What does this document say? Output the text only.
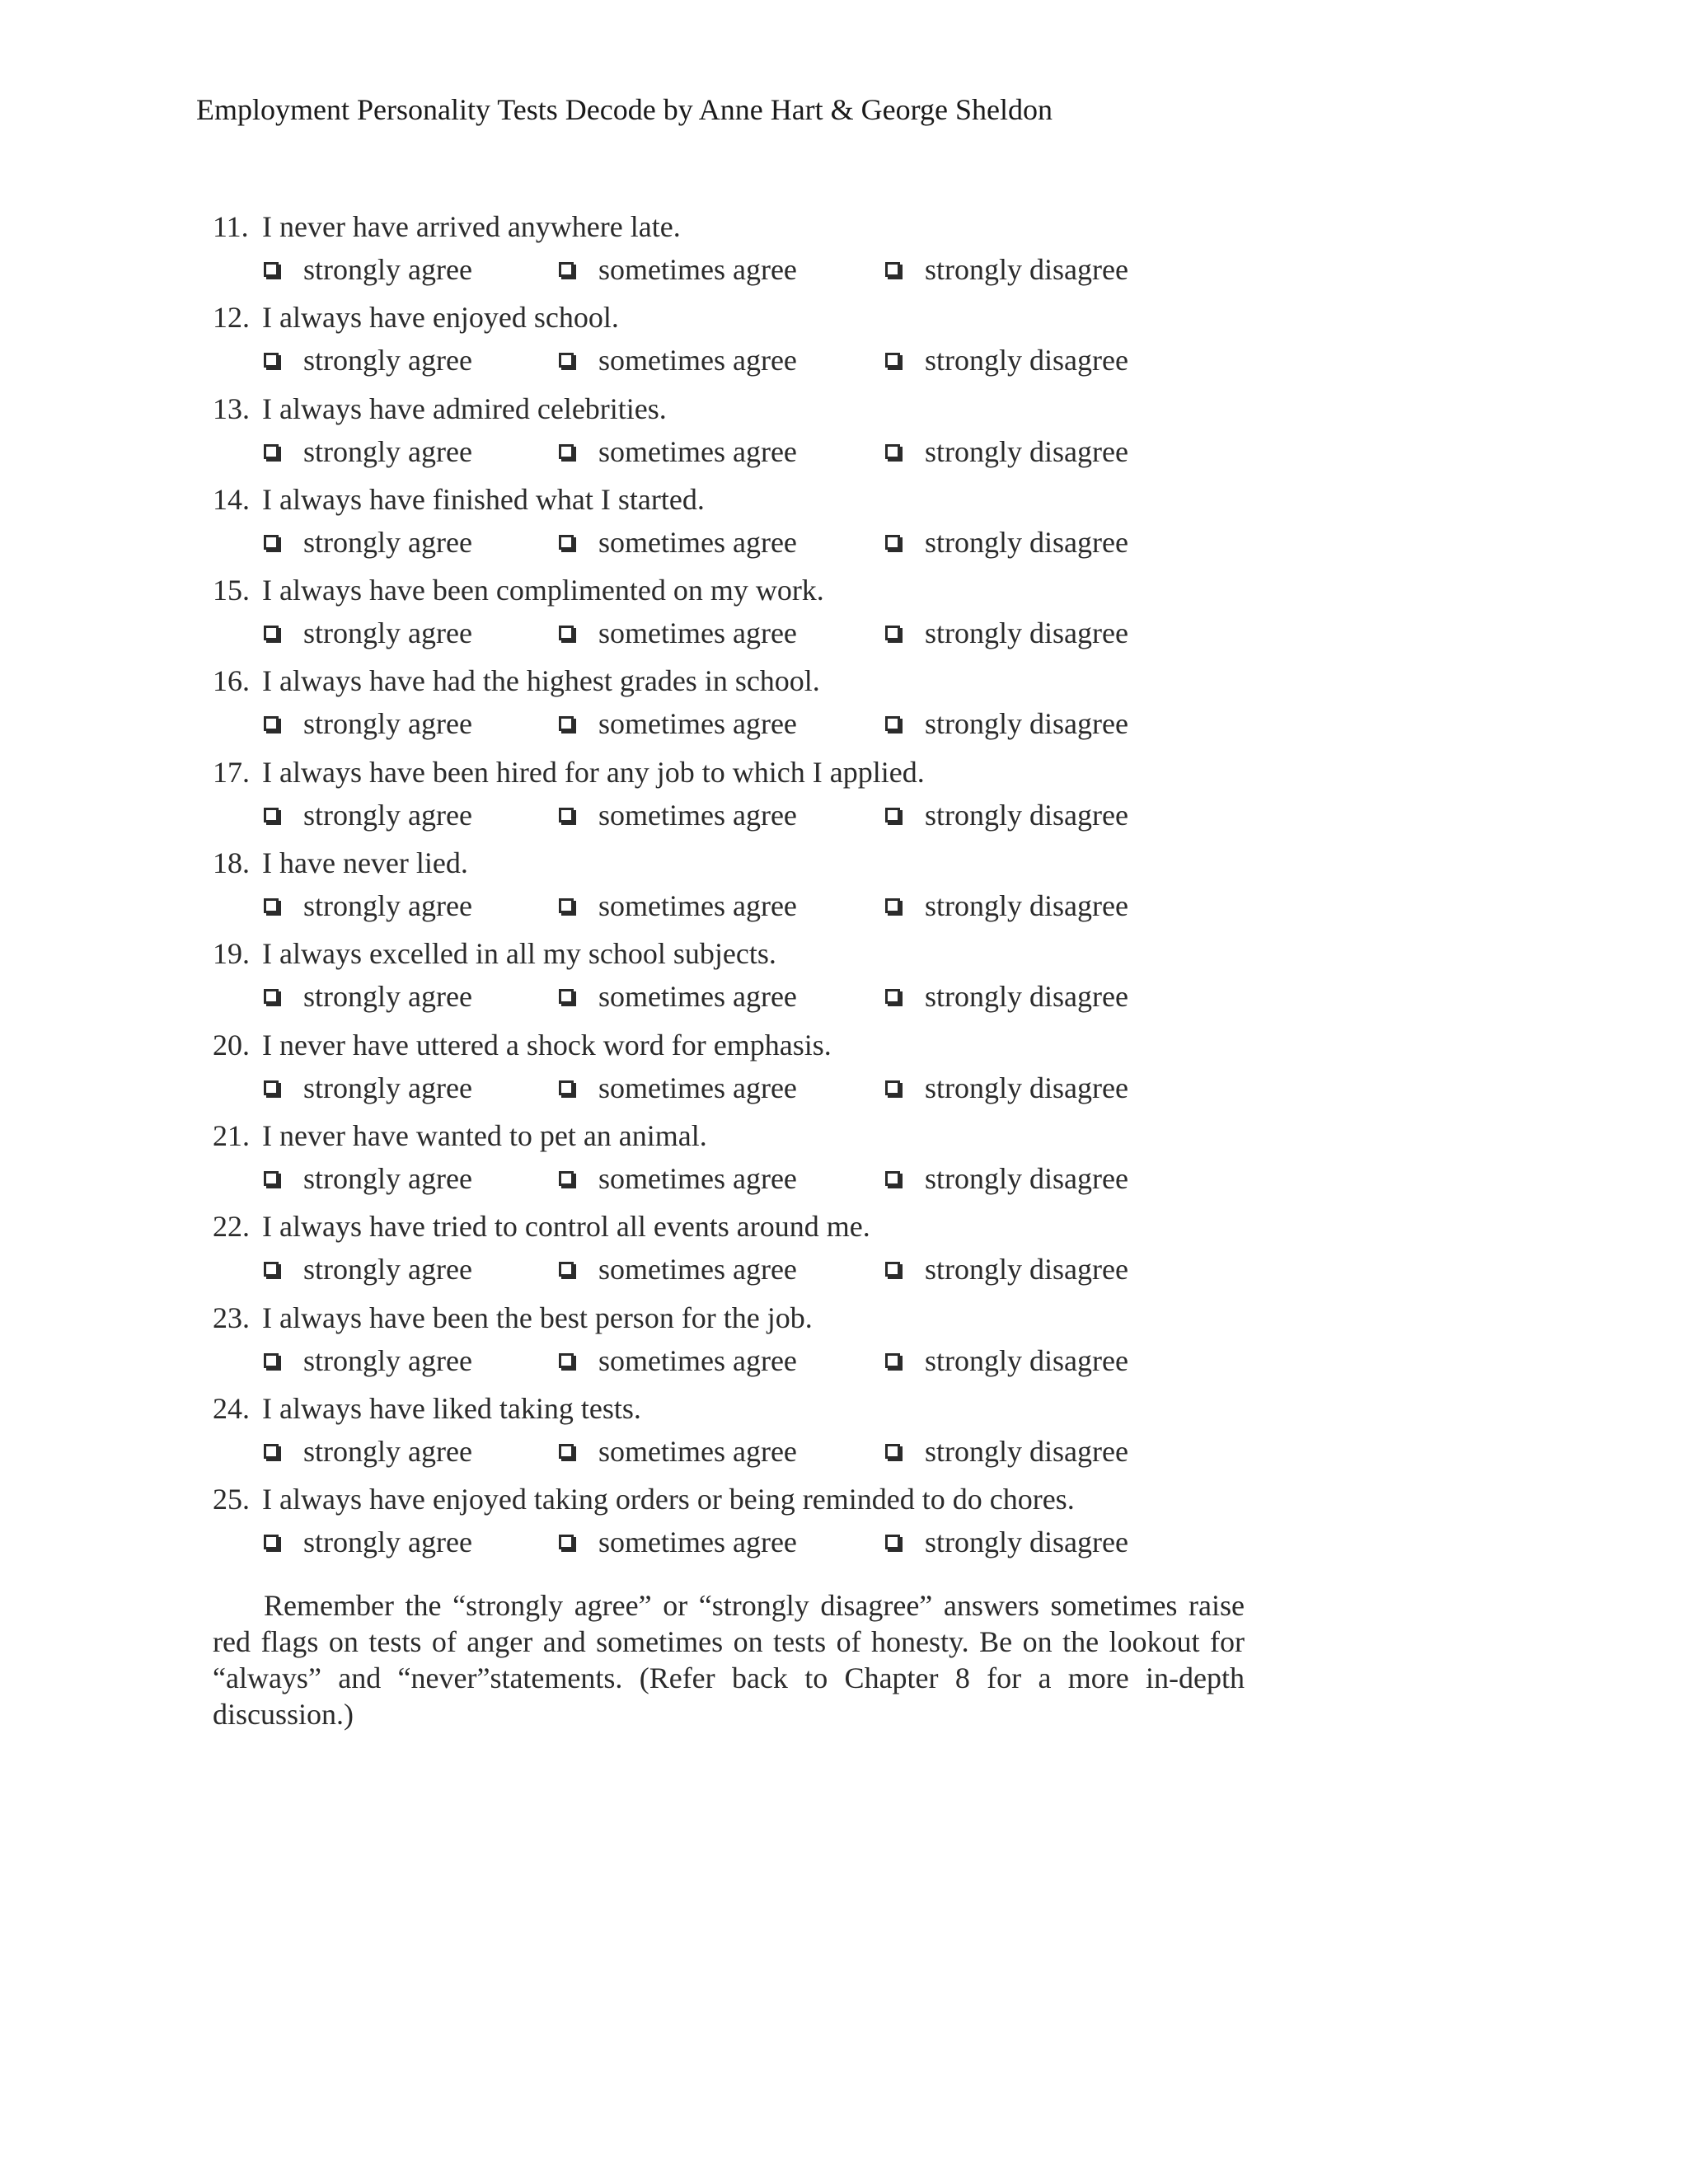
Employment Personality Tests Decode by Anne Hart & George Sheldon
11. I never have arrived anywhere late.
strongly agree	sometimes agree	strongly disagree
12. I always have enjoyed school.
strongly agree	sometimes agree	strongly disagree
13. I always have admired celebrities.
strongly agree	sometimes agree	strongly disagree
14. I always have finished what I started.
strongly agree	sometimes agree	strongly disagree
15. I always have been complimented on my work.
strongly agree	sometimes agree	strongly disagree
16. I always have had the highest grades in school.
strongly agree	sometimes agree	strongly disagree
17. I always have been hired for any job to which I applied.
strongly agree	sometimes agree	strongly disagree
18. I have never lied.
strongly agree	sometimes agree	strongly disagree
19. I always excelled in all my school subjects.
strongly agree	sometimes agree	strongly disagree
20. I never have uttered a shock word for emphasis.
strongly agree	sometimes agree	strongly disagree
21. I never have wanted to pet an animal.
strongly agree	sometimes agree	strongly disagree
22. I always have tried to control all events around me.
strongly agree	sometimes agree	strongly disagree
23. I always have been the best person for the job.
strongly agree	sometimes agree	strongly disagree
24. I always have liked taking tests.
strongly agree	sometimes agree	strongly disagree
25. I always have enjoyed taking orders or being reminded to do chores.
strongly agree	sometimes agree	strongly disagree
Remember the “strongly agree” or “strongly disagree” answers sometimes raise red flags on tests of anger and sometimes on tests of honesty. Be on the lookout for “always” and “never”statements. (Refer back to Chapter 8 for a more in-depth discussion.)
